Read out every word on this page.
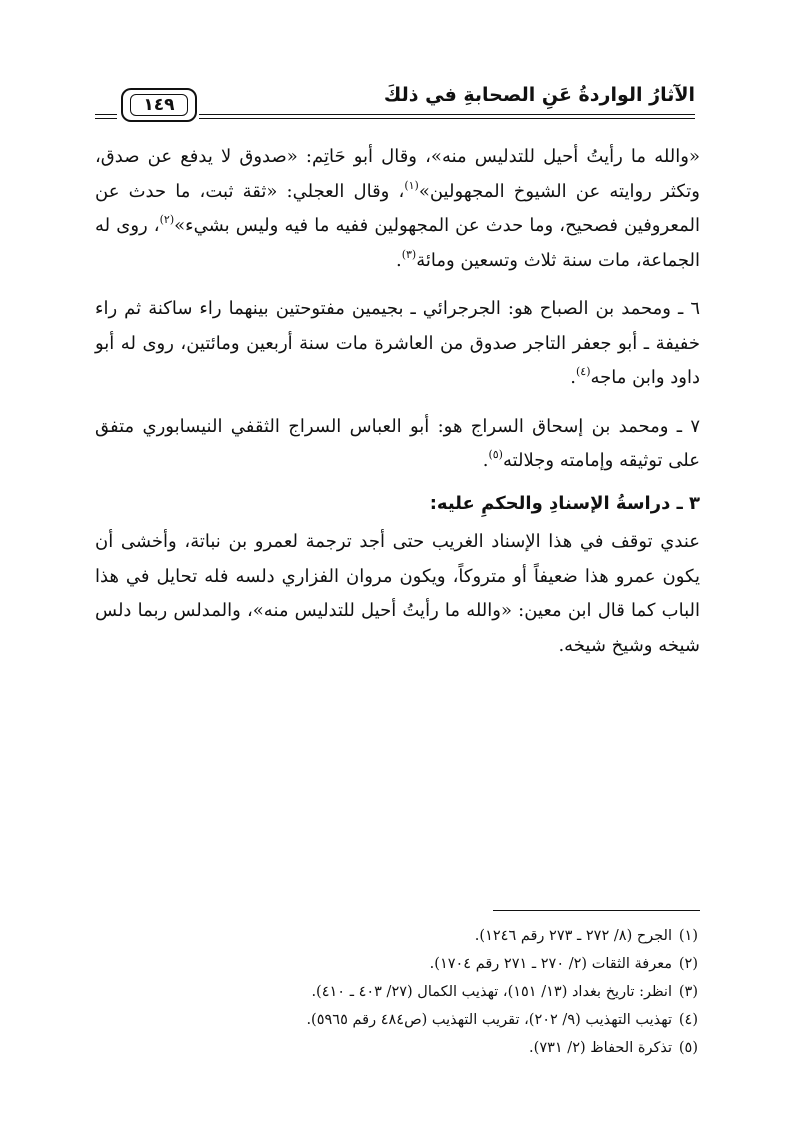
الآثارُ الواردةُ عَنِ الصحابةِ في ذلكَ
١٤٩

«والله ما رأيتُ أحيل للتدليس منه»، وقال أبو حَاتِم: «صدوق لا يدفع عن صدق، وتكثر روايته عن الشيوخ المجهولين»$^{(١)}$، وقال العجلي: «ثقة ثبت، ما حدث عن المعروفين فصحيح، وما حدث عن المجهولين ففيه ما فيه وليس بشيء»$^{(٢)}$، روى له الجماعة، مات سنة ثلاث وتسعين ومائة$^{(٣)}$.

٦ ـ ومحمد بن الصباح هو: الجرجرائي ـ بجيمين مفتوحتين بينهما راء ساكنة ثم راء خفيفة ـ أبو جعفر التاجر صدوق من العاشرة مات سنة أربعين ومائتين، روى له أبو داود وابن ماجه$^{(٤)}$.

٧ ـ ومحمد بن إسحاق السراج هو: أبو العباس السراج الثقفي النيسابوري متفق على توثيقه وإمامته وجلالته$^{(٥)}$.

٣ ـ دراسةُ الإسنادِ والحكمِ عليه:

عندي توقف في هذا الإسناد الغريب حتى أجد ترجمة لعمرو بن نباتة، وأخشى أن يكون عمرو هذا ضعيفاً أو متروكاً، ويكون مروان الفزاري دلسه فله تحايل في هذا الباب كما قال ابن معين: «والله ما رأيتُ أحيل للتدليس منه»، والمدلس ربما دلس شيخه وشيخ شيخه.

(١)الجرح (٨/ ٢٧٢ ـ ٢٧٣ رقم ١٢٤٦).
(٢)معرفة الثقات (٢/ ٢٧٠ ـ ٢٧١ رقم ١٧٠٤).
(٣)انظر: تاريخ بغداد (١٣/ ١٥١)، تهذيب الكمال (٢٧/ ٤٠٣ ـ ٤١٠).
(٤)تهذيب التهذيب (٩/ ٢٠٢)، تقريب التهذيب (ص٤٨٤ رقم ٥٩٦٥).
(٥)تذكرة الحفاظ (٢/ ٧٣١).
